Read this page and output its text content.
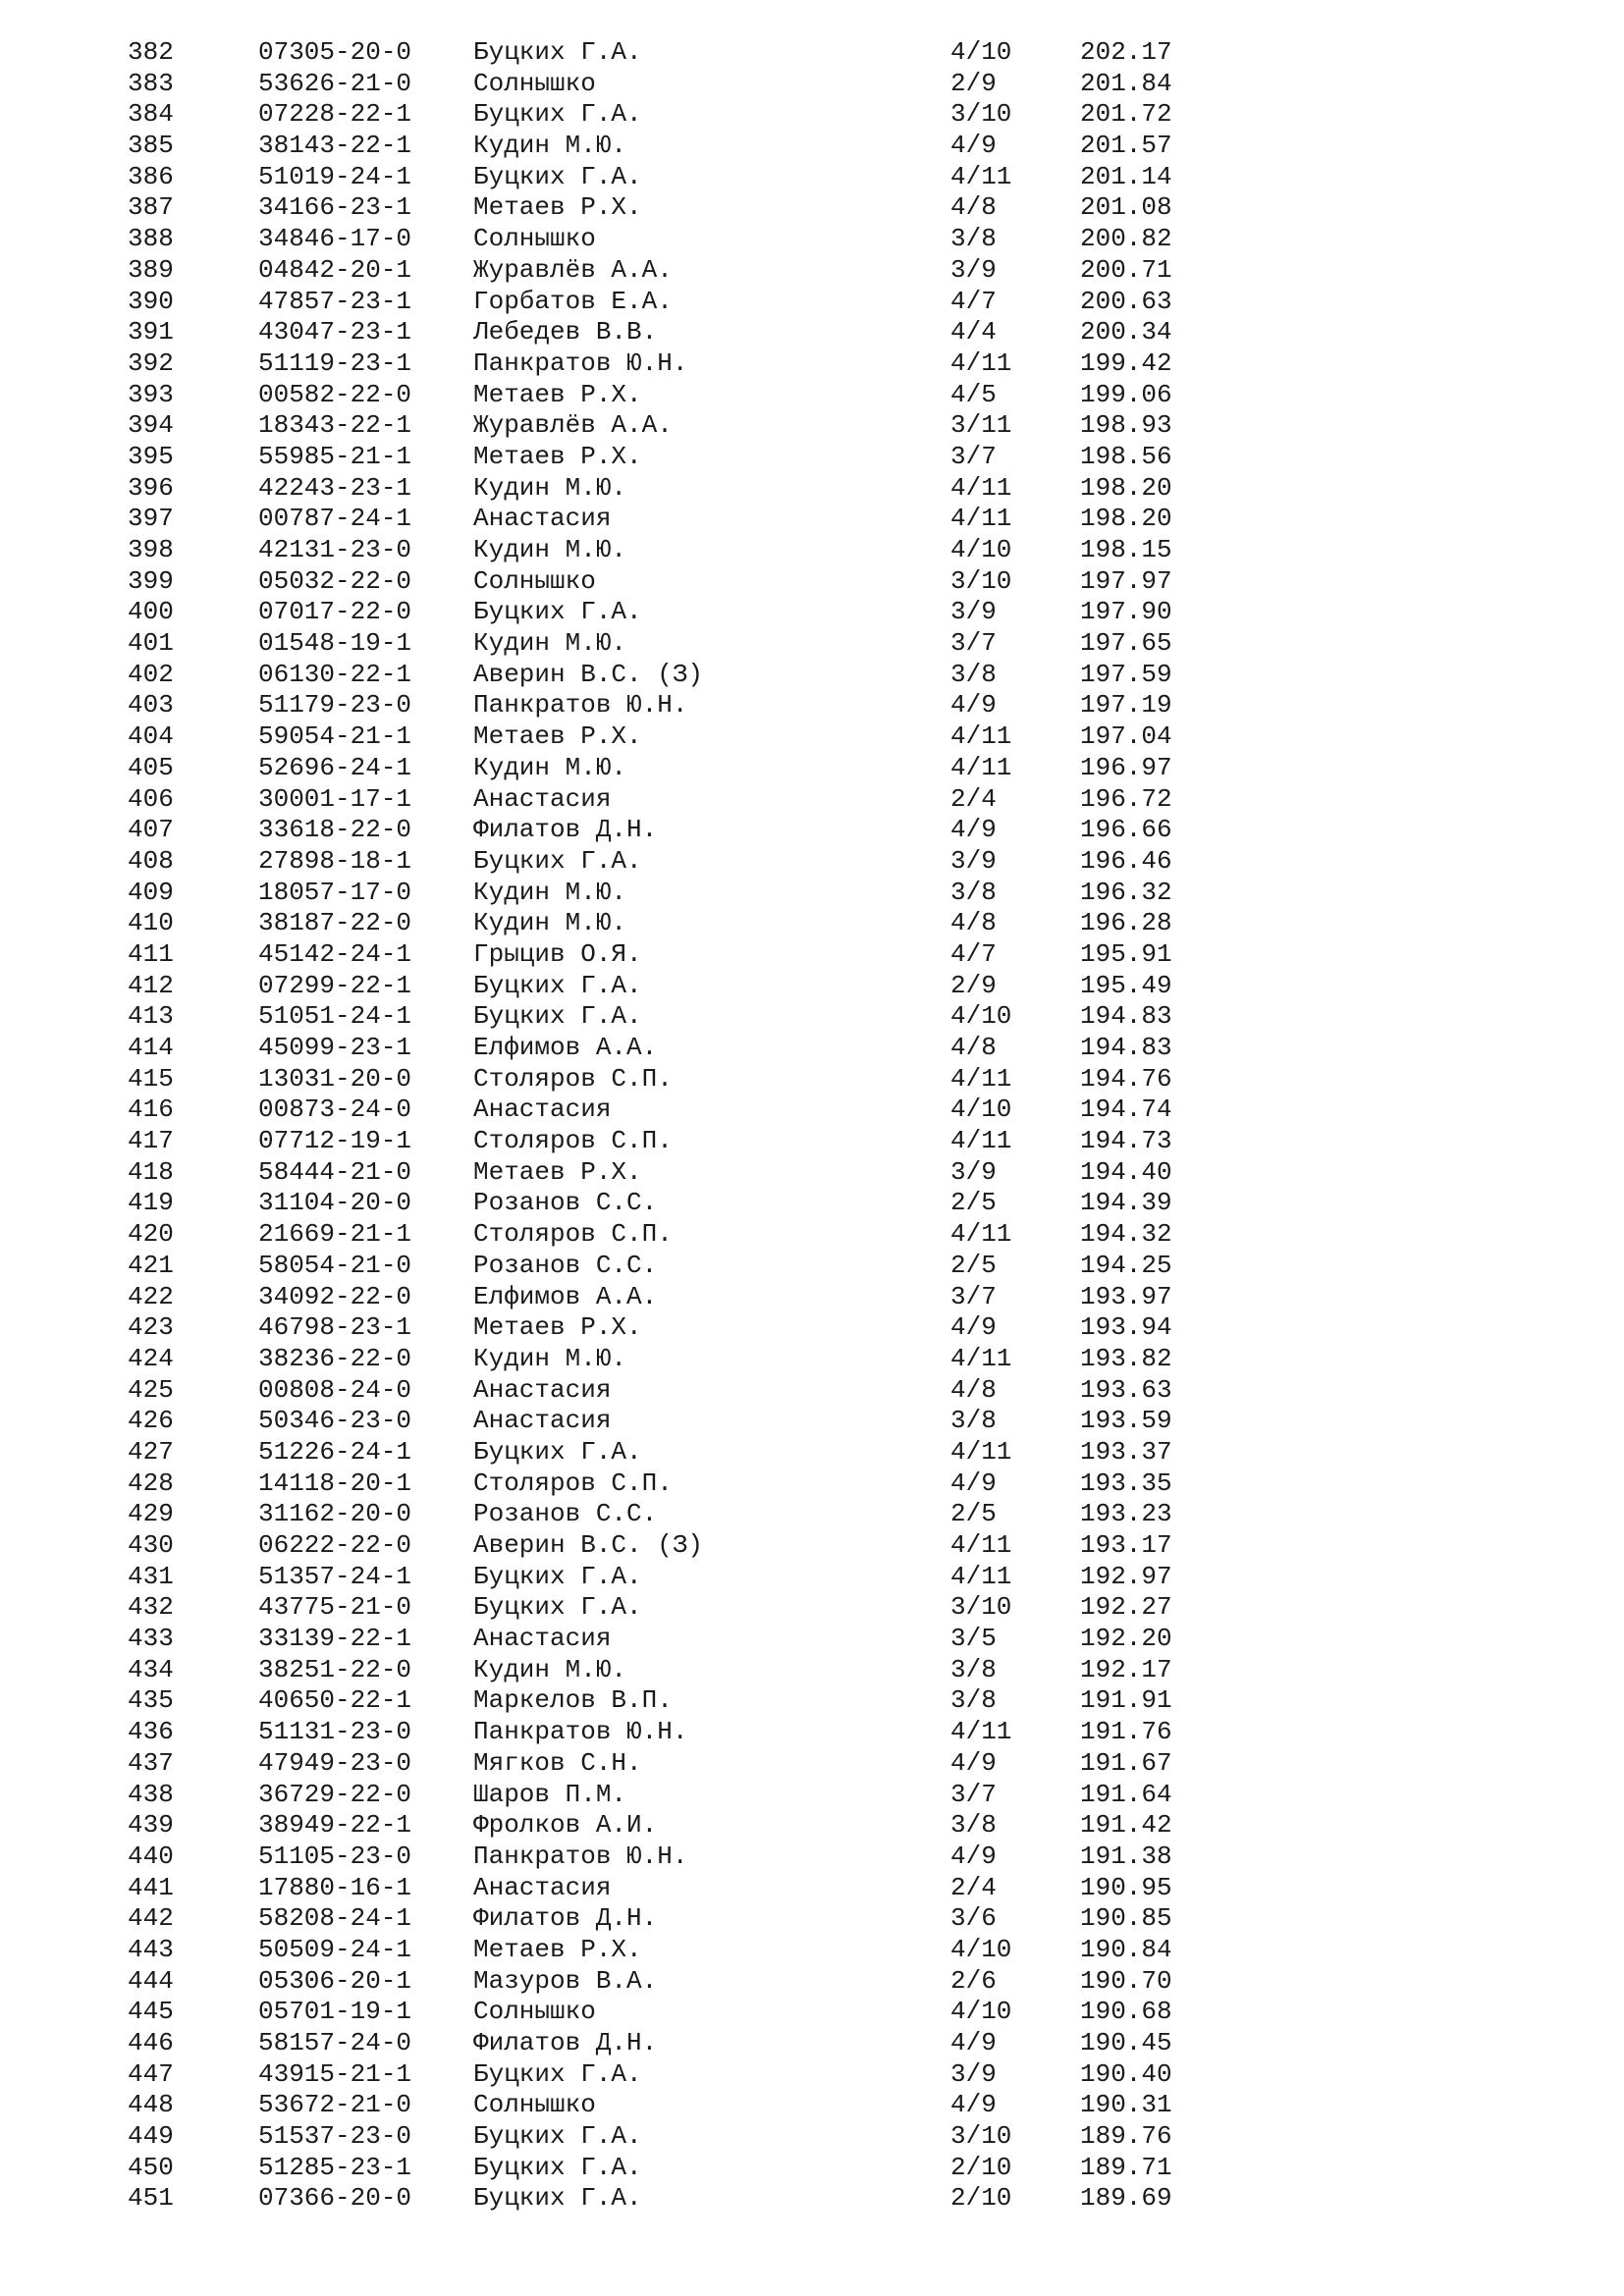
382	07305-20-0 Буцких Г.А.	4/10	202.17
383	53626-21-0 Солнышко	2/9	201.84
384	07228-22-1 Буцких Г.А.	3/10	201.72
385	38143-22-1 Кудин М.Ю.	4/9	201.57
386	51019-24-1 Буцких Г.А.	4/11	201.14
387	34166-23-1 Метаев Р.Х.	4/8	201.08
388	34846-17-0 Солнышко	3/8	200.82
389	04842-20-1 Журавлёв А.А.	3/9	200.71
390	47857-23-1 Горбатов Е.А.	4/7	200.63
391	43047-23-1 Лебедев В.В.	4/4	200.34
392	51119-23-1 Панкратов Ю.Н.	4/11	199.42
393	00582-22-0 Метаев Р.Х.	4/5	199.06
394	18343-22-1 Журавлёв А.А.	3/11	198.93
395	55985-21-1 Метаев Р.Х.	3/7	198.56
396	42243-23-1 Кудин М.Ю.	4/11	198.20
397	00787-24-1 Анастасия	4/11	198.20
398	42131-23-0 Кудин М.Ю.	4/10	198.15
399	05032-22-0 Солнышко	3/10	197.97
400	07017-22-0 Буцких Г.А.	3/9	197.90
401	01548-19-1 Кудин М.Ю.	3/7	197.65
402	06130-22-1 Аверин В.С. (З)	3/8	197.59
403	51179-23-0 Панкратов Ю.Н.	4/9	197.19
404	59054-21-1 Метаев Р.Х.	4/11	197.04
405	52696-24-1 Кудин М.Ю.	4/11	196.97
406	30001-17-1 Анастасия	2/4	196.72
407	33618-22-0 Филатов Д.Н.	4/9	196.66
408	27898-18-1 Буцких Г.А.	3/9	196.46
409	18057-17-0 Кудин М.Ю.	3/8	196.32
410	38187-22-0 Кудин М.Ю.	4/8	196.28
411	45142-24-1 Грыцив О.Я.	4/7	195.91
412	07299-22-1 Буцких Г.А.	2/9	195.49
413	51051-24-1 Буцких Г.А.	4/10	194.83
414	45099-23-1 Елфимов А.А.	4/8	194.83
415	13031-20-0 Столяров С.П.	4/11	194.76
416	00873-24-0 Анастасия	4/10	194.74
417	07712-19-1 Столяров С.П.	4/11	194.73
418	58444-21-0 Метаев Р.Х.	3/9	194.40
419	31104-20-0 Розанов С.С.	2/5	194.39
420	21669-21-1 Столяров С.П.	4/11	194.32
421	58054-21-0 Розанов С.С.	2/5	194.25
422	34092-22-0 Елфимов А.А.	3/7	193.97
423	46798-23-1 Метаев Р.Х.	4/9	193.94
424	38236-22-0 Кудин М.Ю.	4/11	193.82
425	00808-24-0 Анастасия	4/8	193.63
426	50346-23-0 Анастасия	3/8	193.59
427	51226-24-1 Буцких Г.А.	4/11	193.37
428	14118-20-1 Столяров С.П.	4/9	193.35
429	31162-20-0 Розанов С.С.	2/5	193.23
430	06222-22-0 Аверин В.С. (З)	4/11	193.17
431	51357-24-1 Буцких Г.А.	4/11	192.97
432	43775-21-0 Буцких Г.А.	3/10	192.27
433	33139-22-1 Анастасия	3/5	192.20
434	38251-22-0 Кудин М.Ю.	3/8	192.17
435	40650-22-1 Маркелов В.П.	3/8	191.91
436	51131-23-0 Панкратов Ю.Н.	4/11	191.76
437	47949-23-0 Мягков С.Н.	4/9	191.67
438	36729-22-0 Шаров П.М.	3/7	191.64
439	38949-22-1 Фролков А.И.	3/8	191.42
440	51105-23-0 Панкратов Ю.Н.	4/9	191.38
441	17880-16-1 Анастасия	2/4	190.95
442	58208-24-1 Филатов Д.Н.	3/6	190.85
443	50509-24-1 Метаев Р.Х.	4/10	190.84
444	05306-20-1 Мазуров В.А.	2/6	190.70
445	05701-19-1 Солнышко	4/10	190.68
446	58157-24-0 Филатов Д.Н.	4/9	190.45
447	43915-21-1 Буцких Г.А.	3/9	190.40
448	53672-21-0 Солнышко	4/9	190.31
449	51537-23-0 Буцких Г.А.	3/10	189.76
450	51285-23-1 Буцких Г.А.	2/10	189.71
451	07366-20-0 Буцких Г.А.	2/10	189.69
